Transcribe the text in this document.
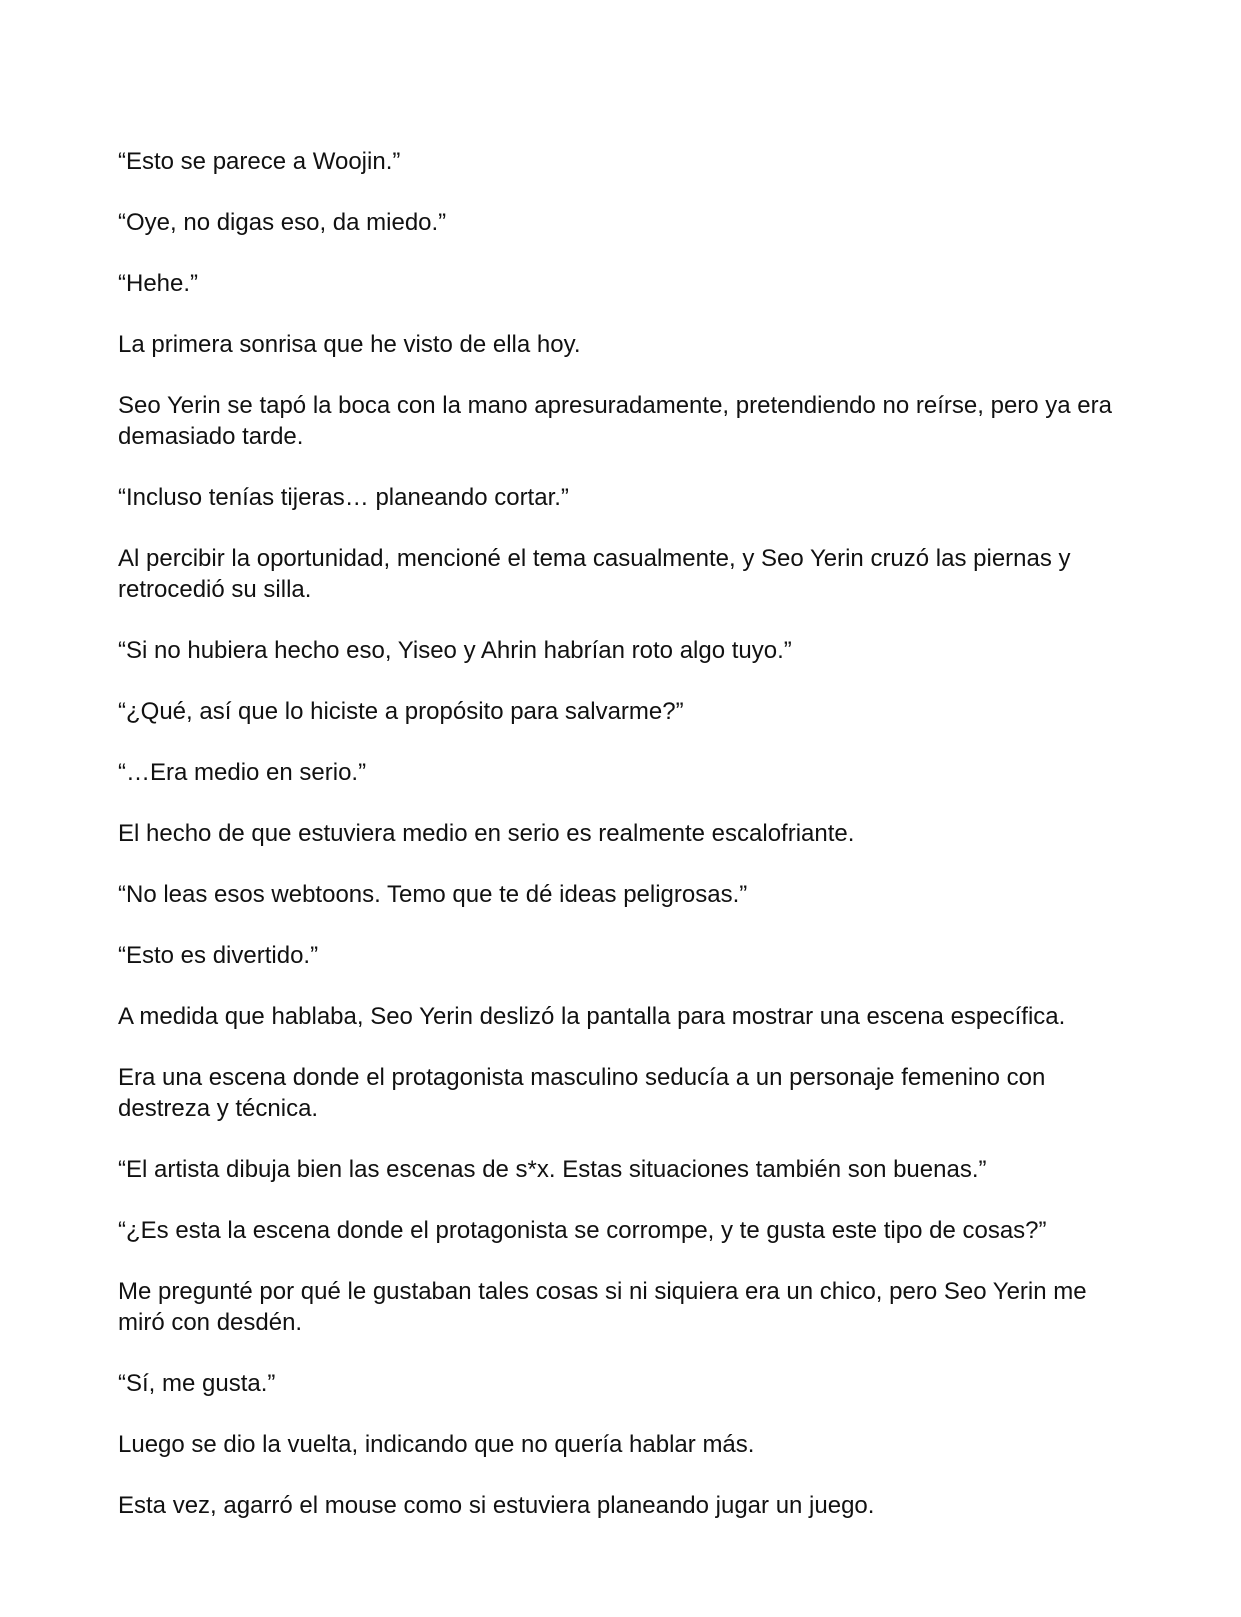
“Esto se parece a Woojin.”

“Oye, no digas eso, da miedo.”

“Hehe.”

La primera sonrisa que he visto de ella hoy.

Seo Yerin se tapó la boca con la mano apresuradamente, pretendiendo no reírse, pero ya era demasiado tarde.

“Incluso tenías tijeras… planeando cortar.”

Al percibir la oportunidad, mencioné el tema casualmente, y Seo Yerin cruzó las piernas y retrocedió su silla.

“Si no hubiera hecho eso, Yiseo y Ahrin habrían roto algo tuyo.”

“¿Qué, así que lo hiciste a propósito para salvarme?”

“…Era medio en serio.”

El hecho de que estuviera medio en serio es realmente escalofriante.

“No leas esos webtoons. Temo que te dé ideas peligrosas.”

“Esto es divertido.”

A medida que hablaba, Seo Yerin deslizó la pantalla para mostrar una escena específica.

Era una escena donde el protagonista masculino seducía a un personaje femenino con destreza y técnica.

“El artista dibuja bien las escenas de s*x. Estas situaciones también son buenas.”

“¿Es esta la escena donde el protagonista se corrompe, y te gusta este tipo de cosas?”

Me pregunté por qué le gustaban tales cosas si ni siquiera era un chico, pero Seo Yerin me miró con desdén.

“Sí, me gusta.”

Luego se dio la vuelta, indicando que no quería hablar más.

Esta vez, agarró el mouse como si estuviera planeando jugar un juego.
